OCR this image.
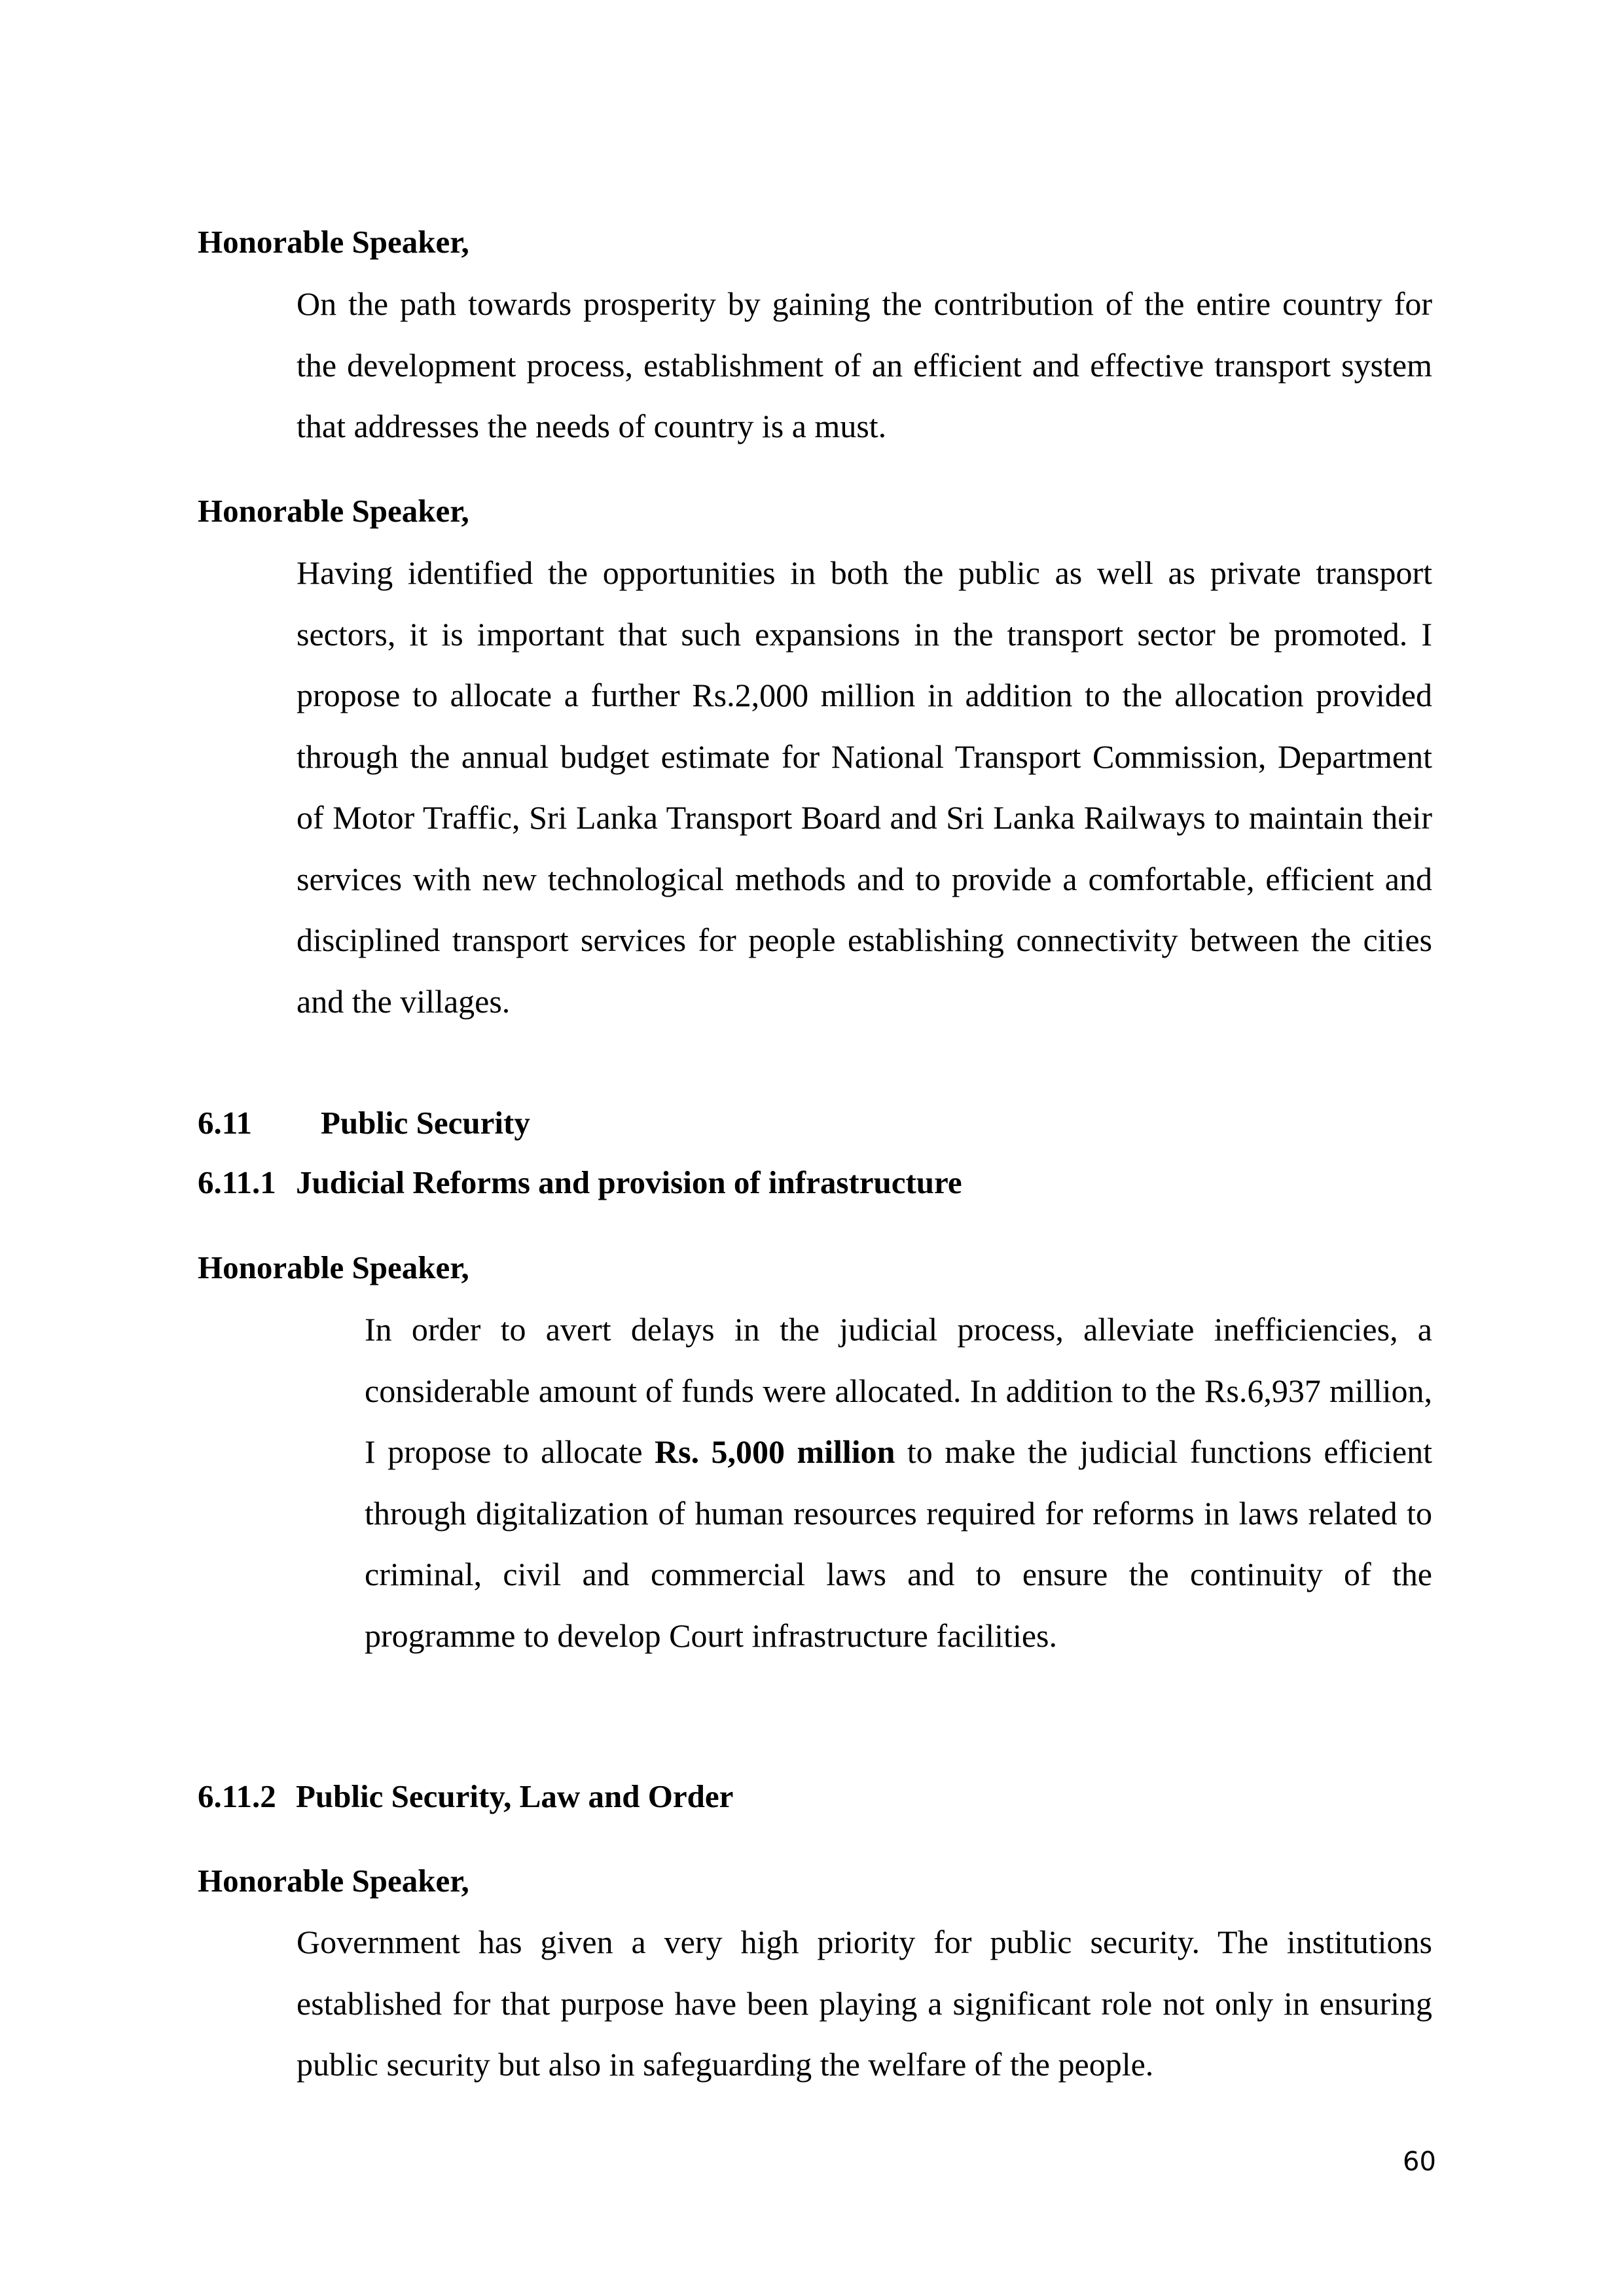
Honorable Speaker,

On the path towards prosperity by gaining the contribution of the entire country for the development process, establishment of an efficient and effective transport system that addresses the needs of country is a must.

Honorable Speaker,

Having identified the opportunities in both the public as well as private transport sectors, it is important that such expansions in the transport sector be promoted. I propose to allocate a further Rs.2,000 million in addition to the allocation provided through the annual budget estimate for National Transport Commission, Department of Motor Traffic, Sri Lanka Transport Board and Sri Lanka Railways to maintain their services with new technological methods and to provide a comfortable, efficient and disciplined transport services for people establishing connectivity between the cities and the villages.

6.11 Public Security
6.11.1 Judicial Reforms and provision of infrastructure
Honorable Speaker,

In order to avert delays in the judicial process, alleviate inefficiencies, a considerable amount of funds were allocated. In addition to the Rs.6,937 million, I propose to allocate Rs. 5,000 million to make the judicial functions efficient through digitalization of human resources required for reforms in laws related to criminal, civil and commercial laws and to ensure the continuity of the programme to develop Court infrastructure facilities.

6.11.2 Public Security, Law and Order
Honorable Speaker,

Government has given a very high priority for public security. The institutions established for that purpose have been playing a significant role not only in ensuring public security but also in safeguarding the welfare of the people.

60
